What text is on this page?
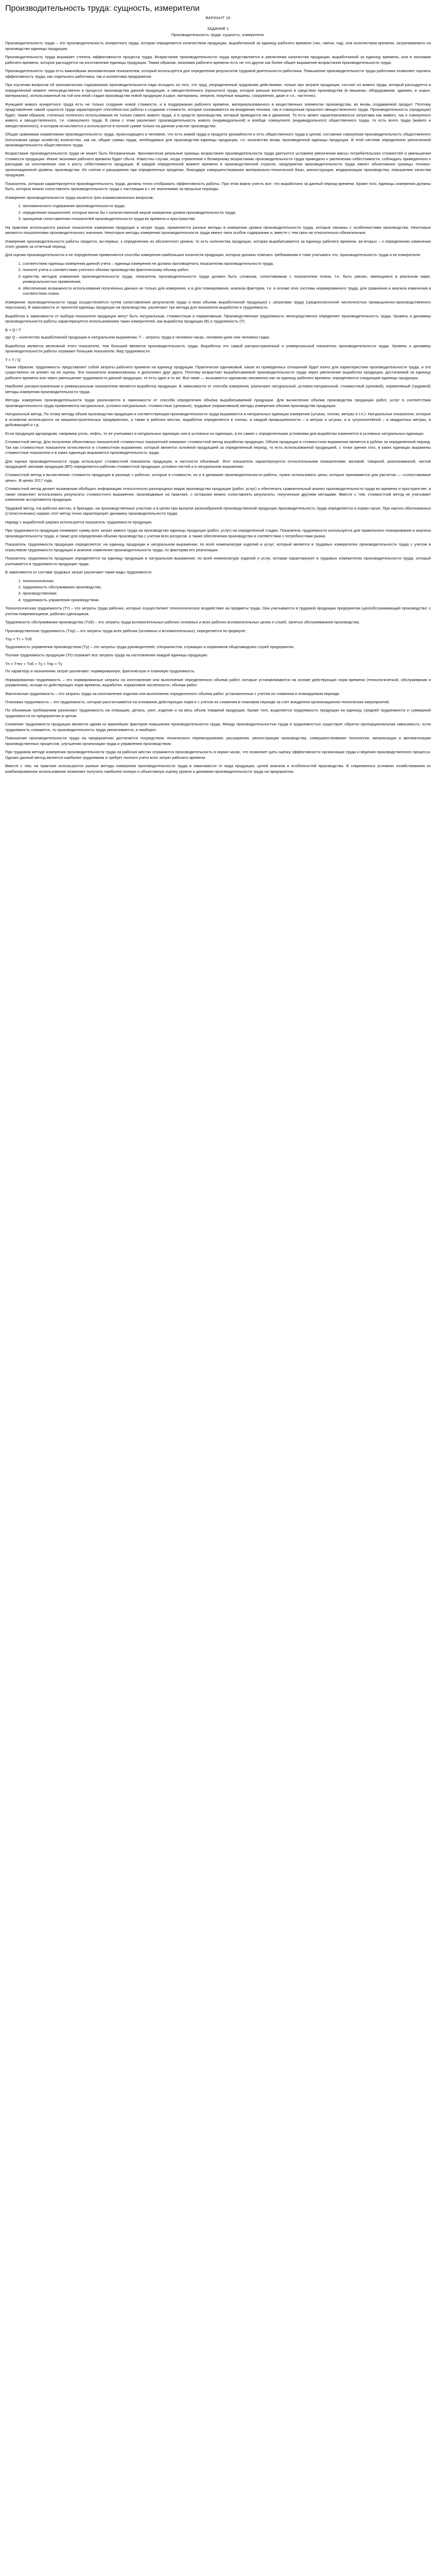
Производительность труда: сущность, измерители
ВАРИАНТ 16
ЗАДАНИЕ 1
Производительность труда: сущность, измерители.

Производительность труда – это производительность конкретного труда, которая определяется количеством продукции, выработанной за единицу рабочего времени (час, смена, год), или количеством времени, затрачиваемого на производство единицы продукции.

Производительность труда выражает степень эффективности процесса труда. Возрастание производительности труда представляется в увеличении количества продукции, выработанной за единицу времени, или в экономии рабочего времени, которое расходуется на изготовление единицы продукции. Таким образом, экономия рабочего времени есть не что другое как более общее выражение возрастания производительности труда.

Производительность труда есть важнейшим экономическим показателем, который используется для определения результатов трудовой деятельности работника. Повышение производительности труда работника позволяет оценить эффективность труда, как отдельного работника, так и коллектива предприятия.

При изучении вопросов об экономических содержаниях производительности надо исходить из того, что труд, упорядоченный трудовыми действиями, только при затрате продукции, состоит из живого труда, который расходуется в определенной момент непосредственно в процессе производства данной продукции, и овеществленного (прошлого) труда, которое раньше воплощено в средствах производства (в машинах, оборудовании, зданиях, в сырье, материалах), использованный на той или иной стадии производства новой продукции (сырье, материалы, энергия, покупные машины, сооружения, даже и т.п., частично).

Функцией живого конкретного труда есть не только создание новой стоимости, и в поддержании рабочего времени, материализованного в вещественных элементах производства, во вновь создаваемой продукт. Поэтому представление самой сущности труда характеризует способностью работы к созданию стоимости, которое основывается на внедрении техники, так и совокупным прошлого овеществленного труда. Производительность (продукции) будет, таким образом, степенью полезного использования не только самого живого труда, и в средств производства, который приводится им в движение. То есть может характеризоваться затратами как живого, так и совокупного живого и овеществленного, т.е. совокупного труда. В связи с этим различают производительность живого (индивидуальной) и вообще совокупного (индивидуального) общественного труда, то есть всего труда (живого и овеществленного), в котором исчисляются и используется в полной сумме только на данном участке производства.

Общая сравнимая нормативная производительность труда, происходящего в человеке, что есть живой труда и продукта урожайности и есть общественного труда в целом, составная совокупная производительность общественного (поголовная среди хозяйств) количество, как ни, общие суммы труда, необходимые для производства единицы продукции, т.е. количество вновь произведенной единицы продукции. В этой системе определенно увеличенной производительности общественного труда.

Возрастание производительности труда не может быть безграничным. Экономически реальные границы возрастания производительности труда диктуются условием увеличения массы потребительских стоимостей и уменьшения стоимости продукции. Иначе экономия рабочего времени будет сбыта. Известны случаи, когда стремление к безмерному возрастанию производительности труда приводило к увеличению себестоимости, соблюдать приведенного к расходам на изготовление или к росту себестоимости продукции. В каждой определенной момент времени в производственной отрасли, предприятии производительности труда имеют объективные границы технико-организационной уровень производства. Их снятия и расширения при определенных пределах, благодаря совершенствованию материально-технической базы, реконструкции, модернизации производства, повышению качества продукции.

Показатель, которым характеризуется производительность труда, должны точно отображать эффективность работы. При этом важно учесть все, что выработано за данный период времени. Кроме того, единицы измерения должны быть, которые можно сопоставлять производительность труда с настоящим и с ее значениями за прошлые периоды.

Измерение производительности труда касается трех взаимосвязанных вопросов:

1. экономического содержания производительности труда;
2. определения показателей, которые могли бы с количественной мерой измерения уровня производительности труда;
3. принципов сопоставления показателей производительности труда во времени и пространстве.

На практике используются разные показатели измерения продукции и затрат труда, применяется разные методы в измерении уровня производительности труда, которые связаны с особенностями производства. Некоторые являются показателями производительного значения. Некоторые методы измерения производительности труда имеют свои особое содержание и, вместе с тем свои ни относительно обязательные.

Измерение производительности работы сводится, во-первых, к определению их абсолютного уровня, то есть количества продукции, которая вырабатывается за единицу рабочего времени, во-вторых – к определению изменения этого уровня за отчетный период.

Для оценки производительности и ее определения применяются способы измерения наибольших количеств продукции, которые должны отвечать требованиям и тоже учитывать что, производительность труда и ее измерители:

1. соответствию единицы измерения данной учета – единица измерения не должна противоречить показателям производительности труда;
2. полноте учета и соответствию учетного объема производства фактическому объему работ;
3. единству методов измерения производительности труда, показатель производительности труда должен быть сложным, сопоставимым с показателем плана, т.е. быть увязан, имеющимся в реальном мире, универсальностью применения;
4. обеспечению возможности использования полученных данных не только для измерения, и в для планирования, анализа факторов, т.е. в основе этих системы нормированного труда, для сравнения и анализа изменения в соответствии плана.

Измерение производительности труда осуществляется путем сопоставления результатов труда и вязи объема выработанной продукции) с затратами труда (среднесписочной численностью промышленно-производственного персонала). В зависимости от принятой единицы продукции на производства, различают три метода для показателя выработки и трудоемкость.

Выработка в зависимости от выбора показателя продукции могут быть натуральным, стоимостным и нормативным. Производственная трудоемкость непосредственно определяет производительность труда. Уровень и динамику производительности работы характеризуется использованием таких измерителей, как выработка продукции (В) и трудоемкость (Т):

B = Q / T

где Q – количество выработанной продукции в натуральном выражении; T – затраты труда в человеко-часах, человеко-днях или человеко-годах.

Выработка является величиной этого показателя, тем большей является производительность труда. Выработка это самый распространенный и универсальный показатель производительности труда. Уровень и динамику производительности работы отражают большие показатели. Вид трудоемкости:

T = T / Q

Таким образом, трудоемкость представляет собой затраты рабочего времени на единицу продукции. Практически одинаковый, какое из приведенных отношений будет взято для характеристики производительности труда, и это существенно не влияет на ее оценку. Эти показатели взаимосвязаны и дополняют друг друга. Поэтому возрастает вырабатываемой производительности труда через увеличение выработки продукции, достигаемой за единицу рабочего времени или через уменьшение трудоемкости данной продукции, то есть одно и то же. Все ниже — вызывается одинаково неизменно как за единицу рабочего времени, определяются следующие единицы продукции.

Наиболее распространенным и универсальным показателем является выработка продукции. В зависимости от способа измерения, различают натуральный, условно-натуральный, стоимостный (ценовой), нормативный (трудовой) методы измерения производительности труда.

Методы измерения производительности труда различаются в зависимости от способа определения объема вырабатываемой продукции. Для вычисления объема производства продукции работ, услуг в соответствии производительности труда применяются натуральные, условно-натуральные, стоимостные (ценовые), трудовые (нормативный) методы измерения объема производства продукции.

Натуральный метод. По этому методу объем производства продукции и соответствующая производительности труда выражаются в натуральных единицах измерения (штуках, тоннах, метрах и т.п.). Натуральные показатели, которые в основном используются на машиностроительных предприятиях, а также в рабочих местах, выработка определяется в тоннах, в каждой промышленности – в метрах и штуках, а в чугунолитейной – в квадратных метрах, в добывающей и т.д.

Если продукция однородная, например уголь, нефть, то ее учитывают в натуральных единицах или в условных их единицах, а ее самое с определенными условиями для выработки изменяется в условных натуральных единицах.

Стоимостной метод. Для получения объективных показателей стоимостных показателей измеряют стоимостной метод выработки продукции. Объем продукции в стоимостном выражении является в рублях за определенный период. Так как стоимостные показатели исчисляются в стоимостном выражении, который является основной продукцией за определенный период, то есть использованной продукцией, с точки зрения того, в каких единицах выражены стоимостные показатели и в каких единицах выражается производительность труда.

Для оценки производительности труда используют стоимостной показатель продукции, в частности объемный. Этот показатель характеризуется относительными показателями: валовой, товарной, реализованной, чистой продукцией, валовая продукция (ВП) определяется рабочим стоимостной продукции, условно-чистой и в натуральном выражении.

Стоимостной метод в вычислениях стоимости продукции в разнице с рабочих, которые в стоимости, но и в динамике производительности работы, нужно использовать цены, которые принимаются для расчетов — «сопоставимые цены». В ценах 2017 года.

Стоимостной метод делает возможным обобщать информацию относительно разнородных видов производства продукции (работ, услуг) и обеспечить сравнительный анализ производительности труда во времени и пространстве, а также позволяет использовать результаты стоимостного выражения, производимые на практике, с которыми можно сопоставлять результаты, полученные другими методами. Вместе с тем, стоимостной метод не учитывает изменение ассортимента продукции.

Трудовой метод. На рабочих местах, в бригадах, на производственных участках и в целях при выпуске разнообразной производственной продукции производительность труда определяется в нормо-часах. При научно обоснованных (статистических) нормах этот метод точно характеризует динамику производительности труда.

Наряду с выработкой широко используется показатель трудоемкости продукции.

При трудоемкости продукции понимают сумму всех затрат живого труда на производство единицы продукции (работ, услуг) на определенной стадии. Показатель трудоемкости используется для правильного планирования и анализа производительности труда, а также для определения объема производства с учетом всех ресурсов, а также обеспечения производства в соответствии с потребностями рынка.

Показатель трудоемкости продукции определяется: на единицу продукции в натуральном выражении; по всей номенклатуре изделий и услуг; который является в трудовых измерителях производительности труда с учетом в отраслевом трудоемкости продукции и анализе изменения производительности труда, по факторам его реализации.

Показатель трудоемкости продукции определяется на единицу продукции в натуральном выражении: по всей номенклатуре изделий и услуг, которая характеризует в трудовых измерителях производительности труда, который учитывается в трудоемкости продукции труда.

В зависимости от состава трудовых затрат различают такие виды трудоемкости:

1. технологическая;
2. трудоемкость обслуживания производства;
3. производственная;
4. трудоемкость управления производством.

Технологическая трудоемкость (Tт) – это затраты труда рабочих, которые осуществляют технологическое воздействие на предметы труда. Они учитываются в трудовой продукции предприятия (цех)обслуживающий производство: с учетом повременщиков, рабочих-сдельщиков.

Трудоемкость обслуживания производства (Tоб) – это затраты труда вспомогательных рабочих основных и всех рабочих вспомогательных цехов и служб, занятых обслуживанием производства.

Производственная трудоемкость (Tпр) – это затраты труда всех рабочих (основных и вспомогательных); определяется по формуле:

Tпр = Tт + Tоб

Трудоемкость управления производством (Tу) – это затраты труда руководителей, специалистов, служащих и охранников общезаводских служб предприятия.

Полная трудоемкость продукции (Тп) отражает все затраты труда на изготовление каждой единицы продукции:

Tп = Tтех + Tоб + Tу = Tпр + Tу

По характеру и назначению затрат различают: нормированную, фактическую и плановую трудоемкость.

Нормированная трудоемкость – это нормированные затраты на изготовление или выполнение определенного объема работ, которые устанавливаются на основе действующих норм времени (технологической, обслуживания и управления), исходя из действующих норм времени, выработки, нормативов численности, объема работ.

Фактическая трудоемкость – это затраты труда на изготовление изделия или выполнение определенного объема работ, установленные с учетом их снижения в планируемом периоде.

Плановая трудоемкость – это трудоемкость, которая рассчитывается на основании действующих норм и с учетом их снижения в плановом периоде за счет внедрения организационно-технических мероприятий.

По объемным требованиям различают трудоемкость на операцию, деталь, узел, изделие и на весь объем товарной продукции. Кроме того, выделяется трудоемкость продукции на единицу, средней трудоемкости и суммарной трудоемкости по предприятию в целом.

Снижение трудоемкости продукции является одним из важнейших факторов повышения производительности труда. Между производительностью труда и трудоемкостью существует обратно пропорциональная зависимость: если трудоемкость снижается, то производительность труда увеличивается, и наоборот.

Повышение производительности труда на предприятиях достигается посредством технического перевооружения, расширения, реконструкции производства, совершенствования технологии, механизации и автоматизации производственных процессов, улучшения организации труда и управления производством.

При трудовом методе измерения производительности труда на рабочих местах отражаются производительность в нормо-часах, что позволяет дать оценку эффективности организации труда и ведения производственного процесса. Однако данный метод является наиболее трудоемким и требует полного учета всех затрат рабочего времени.

Вместе с тем, на практике используются разные методы измерения производительности труда в зависимости от вида продукции, целей анализа и особенностей производства. В современных условиях хозяйствования их комбинированное использование позволяет получить наиболее полную и объективную оценку уровня и динамики производительности труда на предприятии.
